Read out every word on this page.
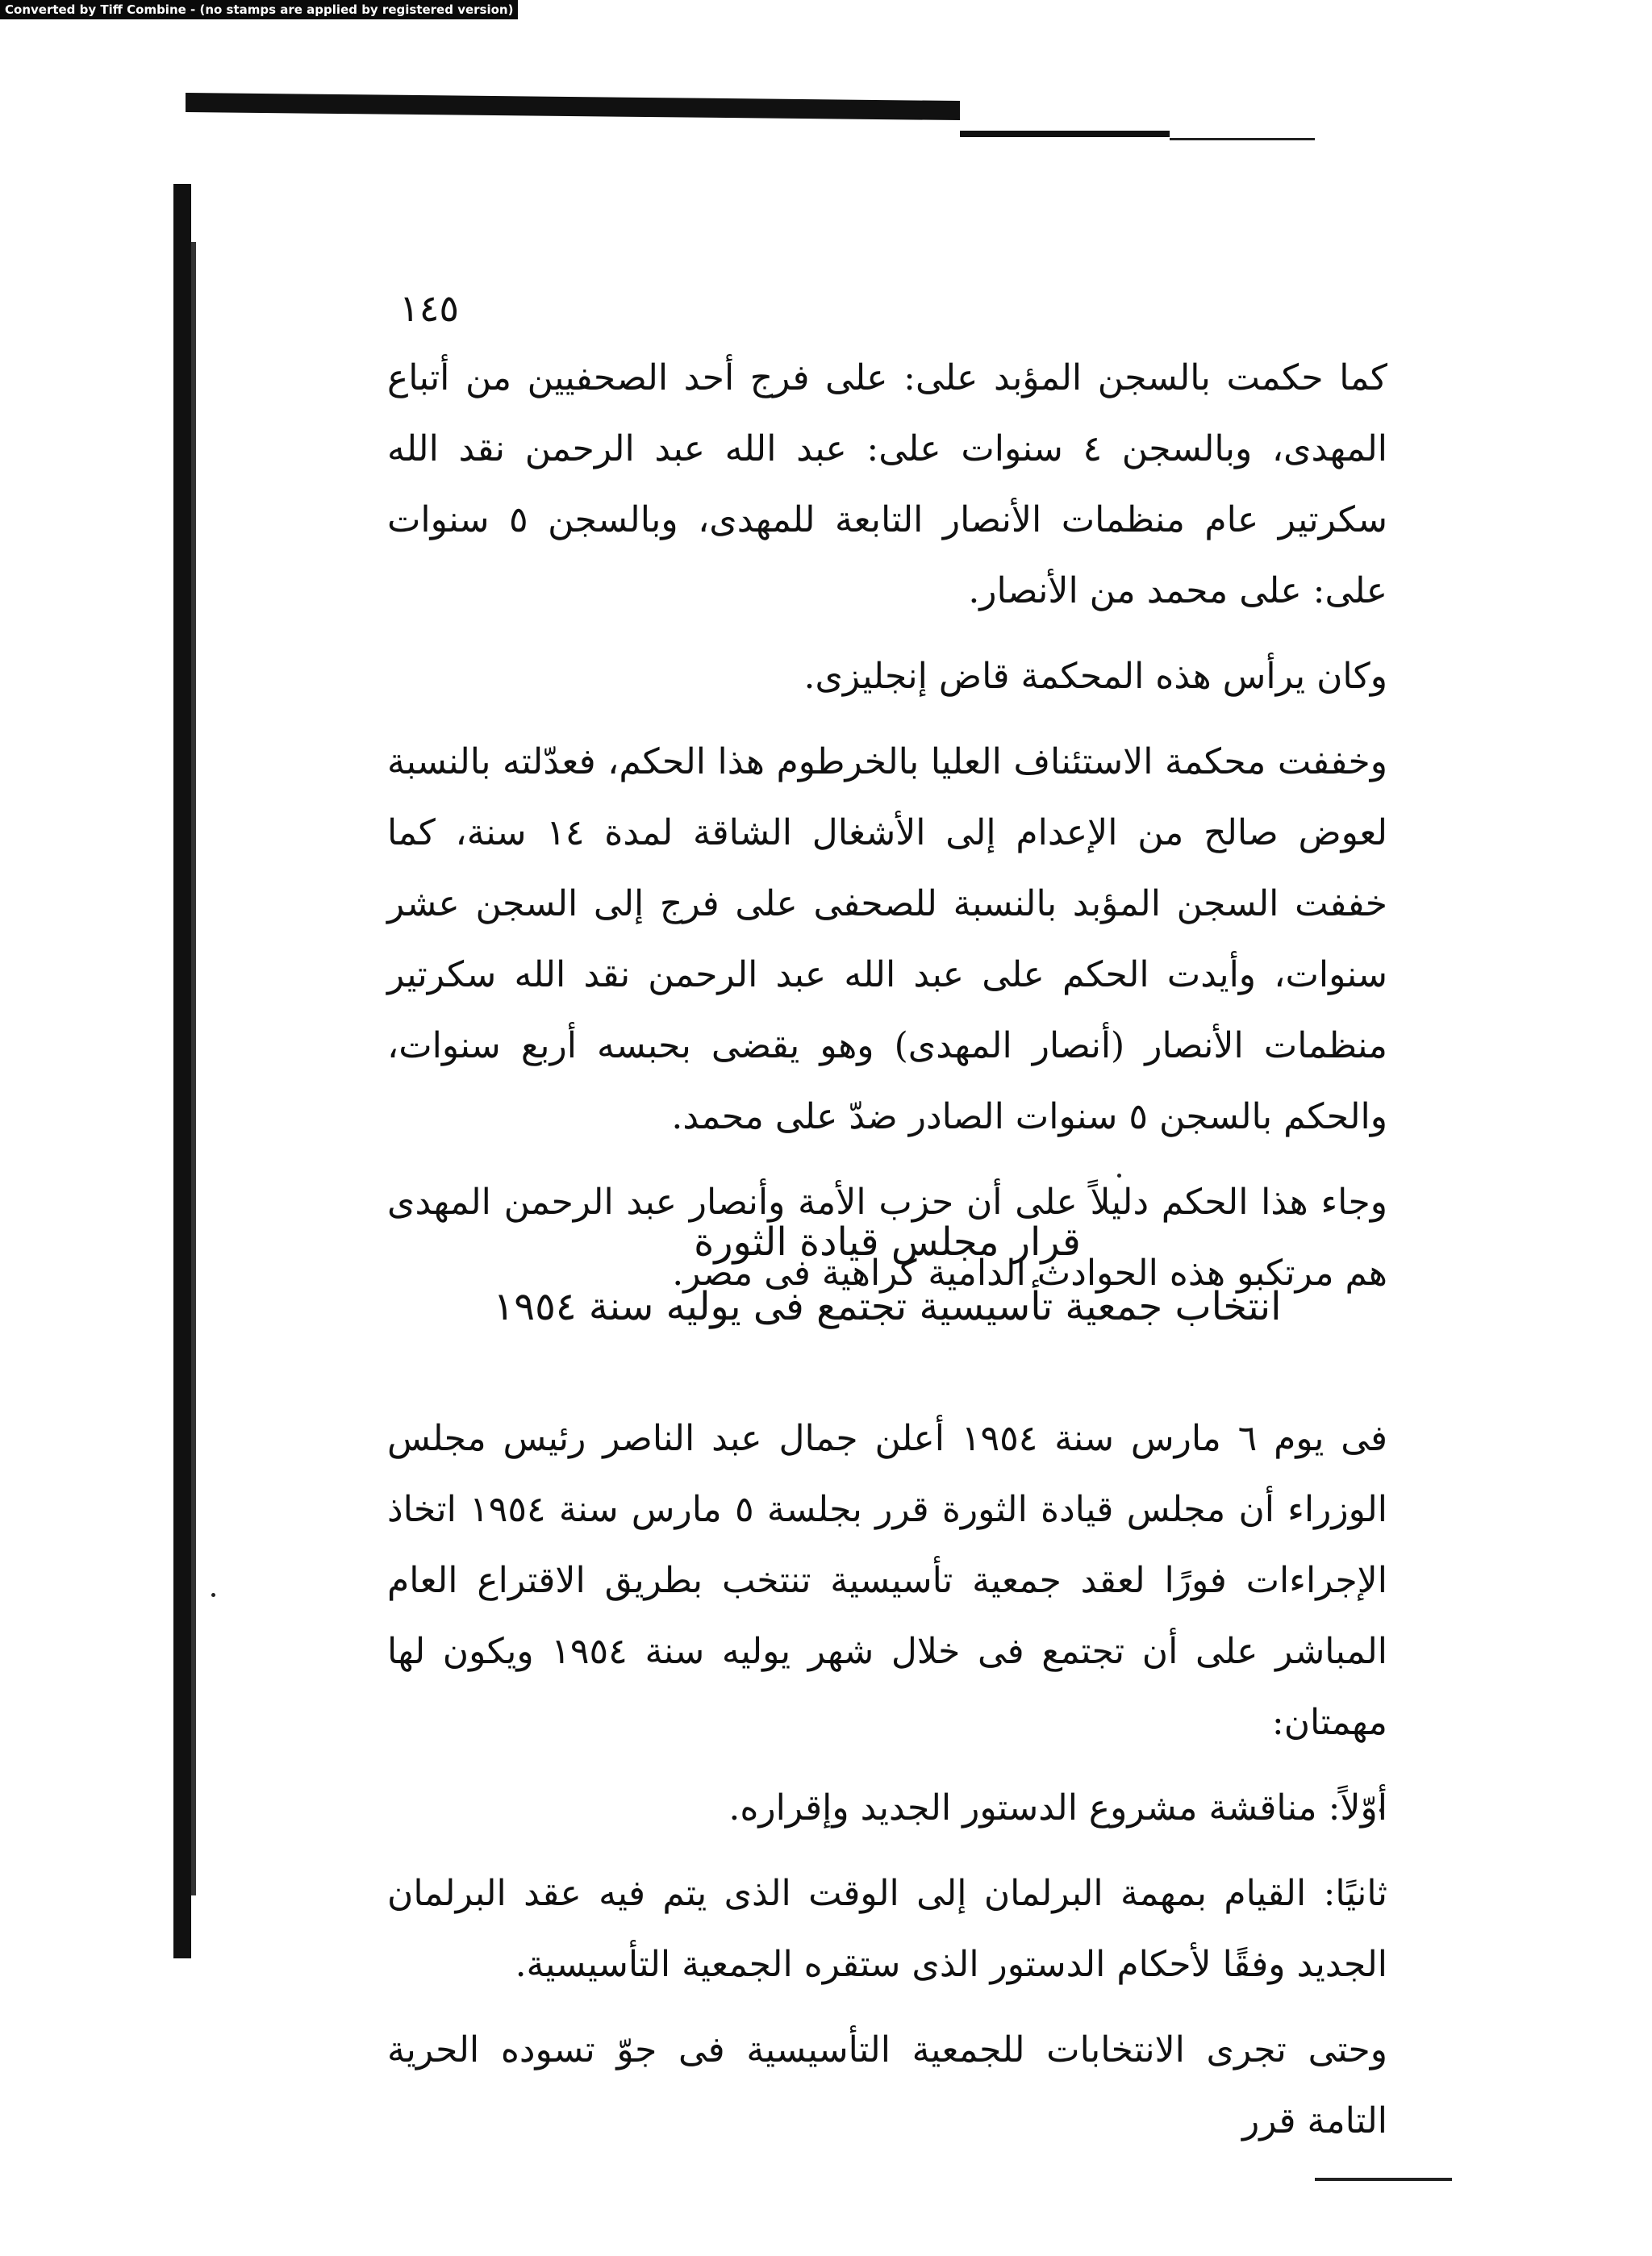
Converted by Tiff Combine - (no stamps are applied by registered version)
١٤٥

كما حكمت بالسجن المؤبد على: على فرج أحد الصحفيين من أتباع المهدى، وبالسجن ٤ سنوات على: عبد الله عبد الرحمن نقد الله سكرتير عام منظمات الأنصار التابعة للمهدى، وبالسجن ٥ سنوات على: على محمد من الأنصار.

وكان يرأس هذه المحكمة قاض إنجليزى.

وخففت محكمة الاستئناف العليا بالخرطوم هذا الحكم، فعدّلته بالنسبة لعوض صالح من الإعدام إلى الأشغال الشاقة لمدة ١٤ سنة، كما خففت السجن المؤبد بالنسبة للصحفى على فرج إلى السجن عشر سنوات، وأيدت الحكم على عبد الله عبد الرحمن نقد الله سكرتير منظمات الأنصار (أنصار المهدى) وهو يقضى بحبسه أربع سنوات، والحكم بالسجن ٥ سنوات الصادر ضدّ على محمد.

وجاء هذا الحكم دليلاً على أن حزب الأمة وأنصار عبد الرحمن المهدى هم مرتكبو هذه الحوادث الدامية كراهية فى مصر.

قرار مجلس قيادة الثورة
انتخاب جمعية تأسيسية تجتمع فى يوليه سنة ١٩٥٤

فى يوم ٦ مارس سنة ١٩٥٤ أعلن جمال عبد الناصر رئيس مجلس الوزراء أن مجلس قيادة الثورة قرر بجلسة ٥ مارس سنة ١٩٥٤ اتخاذ الإجراءات فورًا لعقد جمعية تأسيسية تنتخب بطريق الاقتراع العام المباشر على أن تجتمع فى خلال شهر يوليه سنة ١٩٥٤ ويكون لها مهمتان:

أوّلاً: مناقشة مشروع الدستور الجديد وإقراره.

ثانيًا: القيام بمهمة البرلمان إلى الوقت الذى يتم فيه عقد البرلمان الجديد وفقًا لأحكام الدستور الذى ستقره الجمعية التأسيسية.

وحتى تجرى الانتخابات للجمعية التأسيسية فى جوّ تسوده الحرية التامة قرر
